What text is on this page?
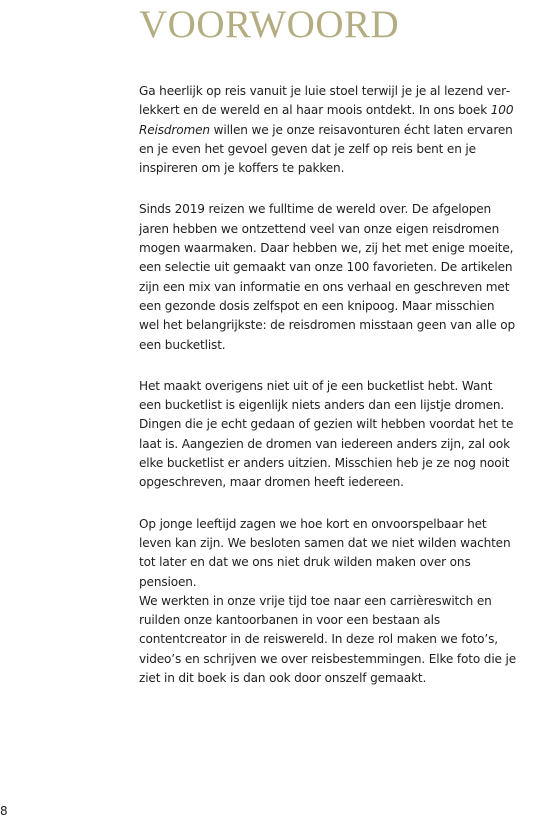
VOORWOORD

Ga heerlijk op reis vanuit je luie stoel terwijl je je al lezend verlekkert en de wereld en al haar moois ontdekt. In ons boek 100 Reisdromen willen we je onze reisavonturen écht laten ervaren en je even het gevoel geven dat je zelf op reis bent en je inspireren om je koffers te pakken.

Sinds 2019 reizen we fulltime de wereld over. De afgelopen jaren hebben we ontzettend veel van onze eigen reisdromen mogen waarmaken. Daar hebben we, zij het met enige moeite, een selectie uit gemaakt van onze 100 favorieten. De artikelen zijn een mix van informatie en ons verhaal en geschreven met een gezonde dosis zelfspot en een knipoog. Maar misschien wel het belangrijkste: de reisdromen misstaan geen van alle op een bucketlist.

Het maakt overigens niet uit of je een bucketlist hebt. Want een bucketlist is eigenlijk niets anders dan een lijstje dromen. Dingen die je echt gedaan of gezien wilt hebben voordat het te laat is. Aangezien de dromen van iedereen anders zijn, zal ook elke bucketlist er anders uitzien. Misschien heb je ze nog nooit opgeschreven, maar dromen heeft iedereen.

Op jonge leeftijd zagen we hoe kort en onvoorspelbaar het leven kan zijn. We besloten samen dat we niet wilden wachten tot later en dat we ons niet druk wilden maken over ons pensioen.
We werkten in onze vrije tijd toe naar een carrièreswitch en ruilden onze kantoorbanen in voor een bestaan als contentcreator in de reiswereld. In deze rol maken we foto’s, video’s en schrijven we over reisbestemmingen. Elke foto die je ziet in dit boek is dan ook door onszelf gemaakt.

8
